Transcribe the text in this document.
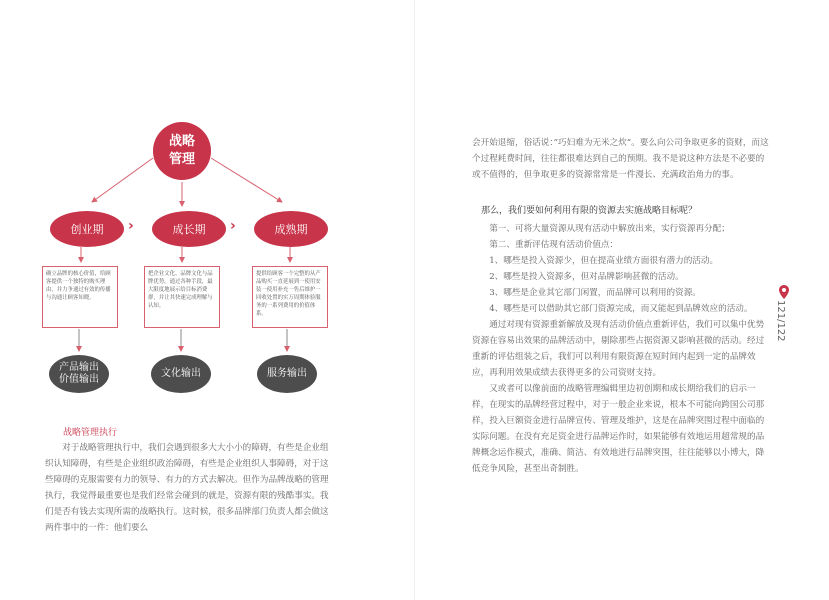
战略管理
创业期	›	成长期	›	成熟期
确立品牌的核心价值，给顾客提供一个独特的购买理由，并力争通过有效的传播与沟通让顾客知晓。
把企业文化、品牌文化与品牌优势，通过各种手段，最大限度地展示给目标消费群，并让其快速完成理解与认知。
提供给顾客一个完整的从产品购买一直延展到一使用安装一使用补充一售后维护一回收处置的实万周期体验服务的一系列费用的价值体系。
产品输出价值输出
文化输出	服务输出
战略管理执行

对于战略管理执行中，我们会遇到很多大大小小的障碍，有些是企业组织认知障碍，有些是企业组织政治障碍，有些是企业组织人事障碍，对于这些障碍的克服需要有力的领导、有力的方式去解决。但作为品牌战略的管理执行，我觉得最重要也是我们经常会碰到的就是，资源有限的残酷事实。我们是否有钱去实现所需的战略执行。这时候，很多品牌部门负责人都会做这两件事中的一件：他们要么

会开始退缩，俗话说：”巧妇难为无米之炊“。要么向公司争取更多的资财，而这个过程耗费时间，往往都很难达到自己的预期。我不是说这种方法是不必要的或不值得的，但争取更多的资源常常是一件漫长、充满政治角力的事。

那么，我们要如何利用有限的资源去实施战略目标呢？

第一、可将大量资源从现有活动中解放出来，实行资源再分配；

第二、重新评估现有活动价值点：

1、哪些是投入资源少，但在提高业绩方面很有潜力的活动。

2、哪些是投入资源多，但对品牌影响甚微的活动。

3、哪些是企业其它部门闲置，而品牌可以利用的资源。

4、哪些是可以借助其它部门资源完成，而又能起到品牌效应的活动。

通过对现有资源重新解放及现有活动价值点重新评估，我们可以集中优势资源在容易出效果的品牌活动中，剔除那些占据资源又影响甚微的活动。经过重新的评估组装之后，我们可以利用有限资源在短时间内起到一定的品牌效应，再利用效果成绩去获得更多的公司资财支持。

又或者可以像前面的战略管理编辑里边初创期和成长期给我们的启示一样，在现实的品牌经营过程中，对于一般企业来说，根本不可能向跨国公司那样，投入巨额资金进行品牌宣传、管理及维护，这是在品牌突围过程中面临的实际问题。在没有充足资金进行品牌运作时，如果能够有效地运用超常规的品牌概念运作模式，准确、简洁、有效地进行品牌突围，往往能够以小博大，降低竞争风险，甚至出奇制胜。

121/122
